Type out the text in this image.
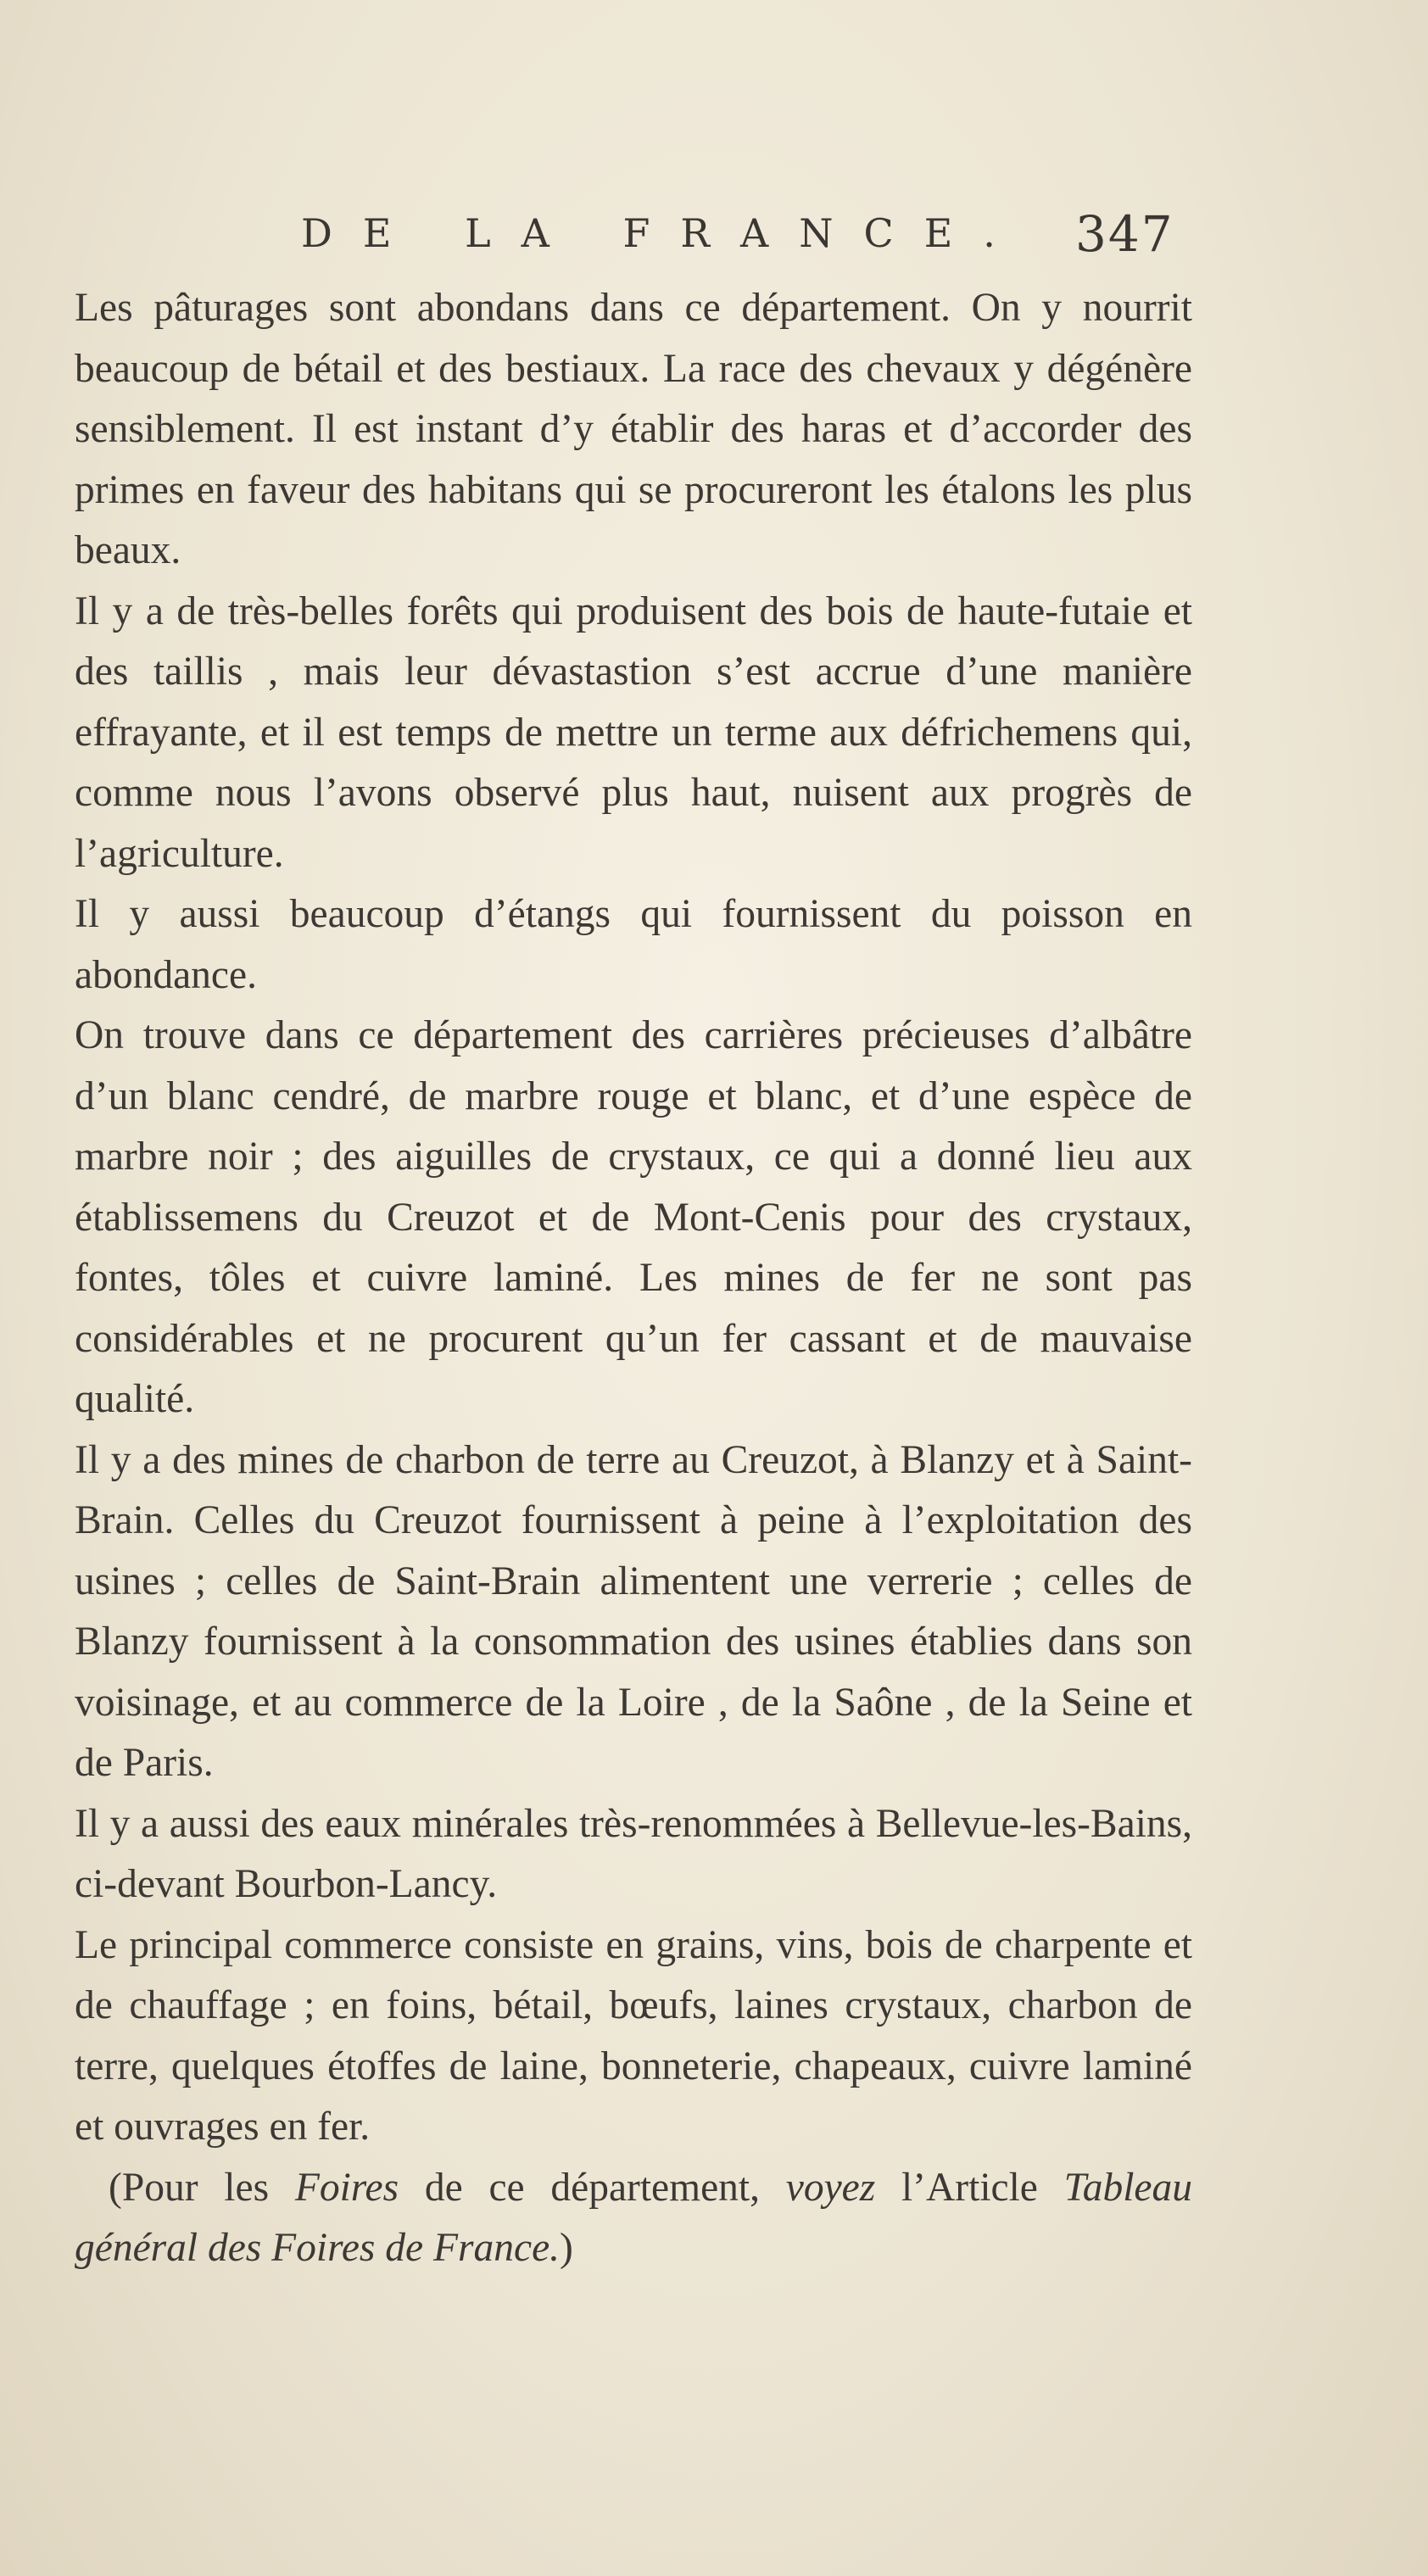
DE LA FRANCE. 347

Les pâturages sont abondans dans ce département. On y nourrit beaucoup de bétail et des bestiaux. La race des chevaux y dégénère sensiblement. Il est instant d’y établir des haras et d’accorder des primes en faveur des habitans qui se procureront les étalons les plus beaux.

Il y a de très-belles forêts qui produisent des bois de haute-futaie et des taillis , mais leur dévastastion s’est accrue d’une manière effrayante, et il est temps de mettre un terme aux défrichemens qui, comme nous l’avons observé plus haut, nuisent aux progrès de l’agriculture.

Il y aussi beaucoup d’étangs qui fournissent du poisson en abondance.

On trouve dans ce département des carrières précieuses d’albâtre d’un blanc cendré, de marbre rouge et blanc, et d’une espèce de marbre noir ; des aiguilles de crystaux, ce qui a donné lieu aux établissemens du Creuzot et de Mont-Cenis pour des crystaux, fontes, tôles et cuivre laminé. Les mines de fer ne sont pas considérables et ne procurent qu’un fer cassant et de mauvaise qualité.

Il y a des mines de charbon de terre au Creuzot, à Blanzy et à Saint-Brain. Celles du Creuzot fournissent à peine à l’exploitation des usines ; celles de Saint-Brain alimentent une verrerie ; celles de Blanzy fournissent à la consommation des usines établies dans son voisinage, et au commerce de la Loire , de la Saône , de la Seine et de Paris.

Il y a aussi des eaux minérales très-renommées à Bellevue-les-Bains, ci-devant Bourbon-Lancy.

Le principal commerce consiste en grains, vins, bois de charpente et de chauffage ; en foins, bétail, bœufs, laines crystaux, charbon de terre, quelques étoffes de laine, bonneterie, chapeaux, cuivre laminé et ouvrages en fer.

(Pour les Foires de ce département, voyez l’Article Tableau général des Foires de France.)
